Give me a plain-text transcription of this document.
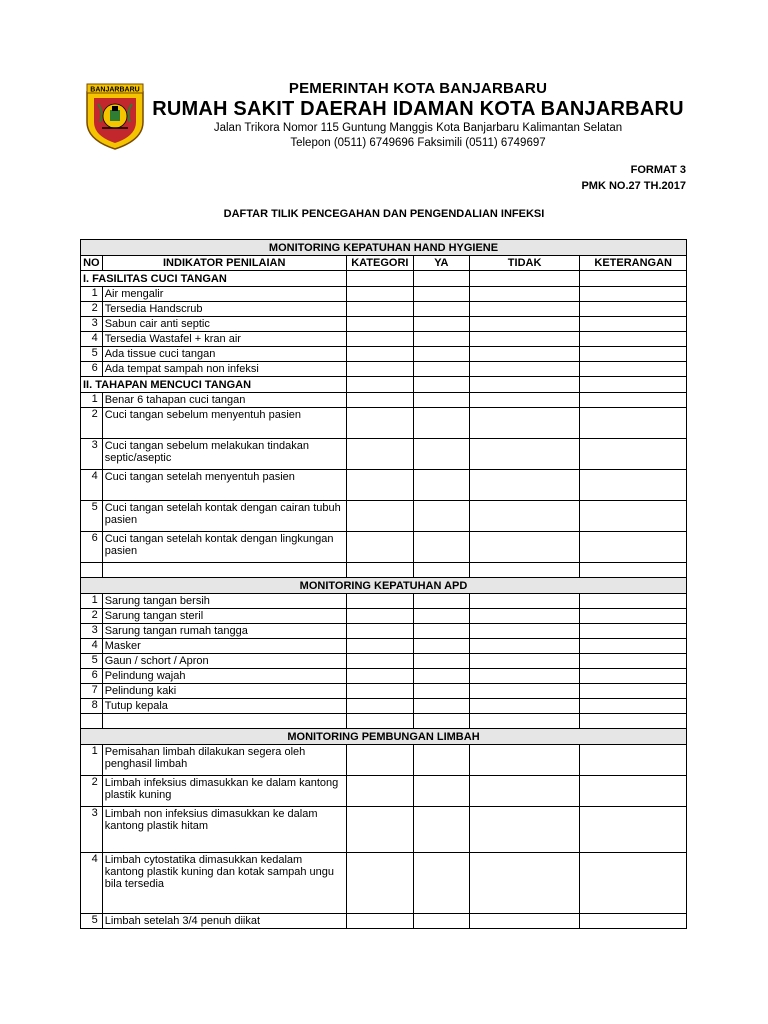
BANJARBARU	PEMERINTAH KOTA BANJARBARU
RUMAH SAKIT DAERAH IDAMAN KOTA BANJARBARU
Jalan Trikora Nomor 115 Guntung Manggis Kota Banjarbaru Kalimantan Selatan
Telepon (0511) 6749696 Faksimili (0511) 6749697
FORMAT 3
PMK NO.27 TH.2017
DAFTAR TILIK PENCEGAHAN DAN PENGENDALIAN INFEKSI
MONITORING KEPATUHAN HAND HYGIENE					
NO	INDIKATOR PENILAIAN	KATEGORI	YA	TIDAK	KETERANGAN
I. FASILITAS CUCI TANGAN					
1	Air mengalir				
2	Tersedia Handscrub				
3	Sabun cair anti septic				
4	Tersedia Wastafel + kran air				
5	Ada tissue cuci tangan				
6	Ada tempat sampah non infeksi				
II. TAHAPAN MENCUCI TANGAN					
1	Benar 6 tahapan cuci tangan				
2	Cuci tangan sebelum menyentuh pasien				
3	Cuci tangan sebelum melakukan tindakan septic/aseptic				
4	Cuci tangan setelah menyentuh pasien				
5	Cuci tangan setelah kontak dengan cairan tubuh pasien				
6	Cuci tangan setelah kontak dengan lingkungan pasien				

MONITORING KEPATUHAN APD					
1	Sarung tangan bersih				
2	Sarung tangan steril				
3	Sarung tangan rumah tangga				
4	Masker				
5	Gaun / schort / Apron				
6	Pelindung wajah				
7	Pelindung kaki				
8	Tutup kepala				

MONITORING PEMBUNGAN LIMBAH					
1	Pemisahan limbah dilakukan segera oleh penghasil limbah				
2	Limbah infeksius dimasukkan ke dalam kantong plastik kuning				
3	Limbah non infeksius dimasukkan ke dalam kantong plastik hitam				
4	Limbah cytostatika dimasukkan kedalam kantong plastik kuning dan kotak sampah ungu bila tersedia				
5	Limbah setelah 3/4 penuh diikat				
